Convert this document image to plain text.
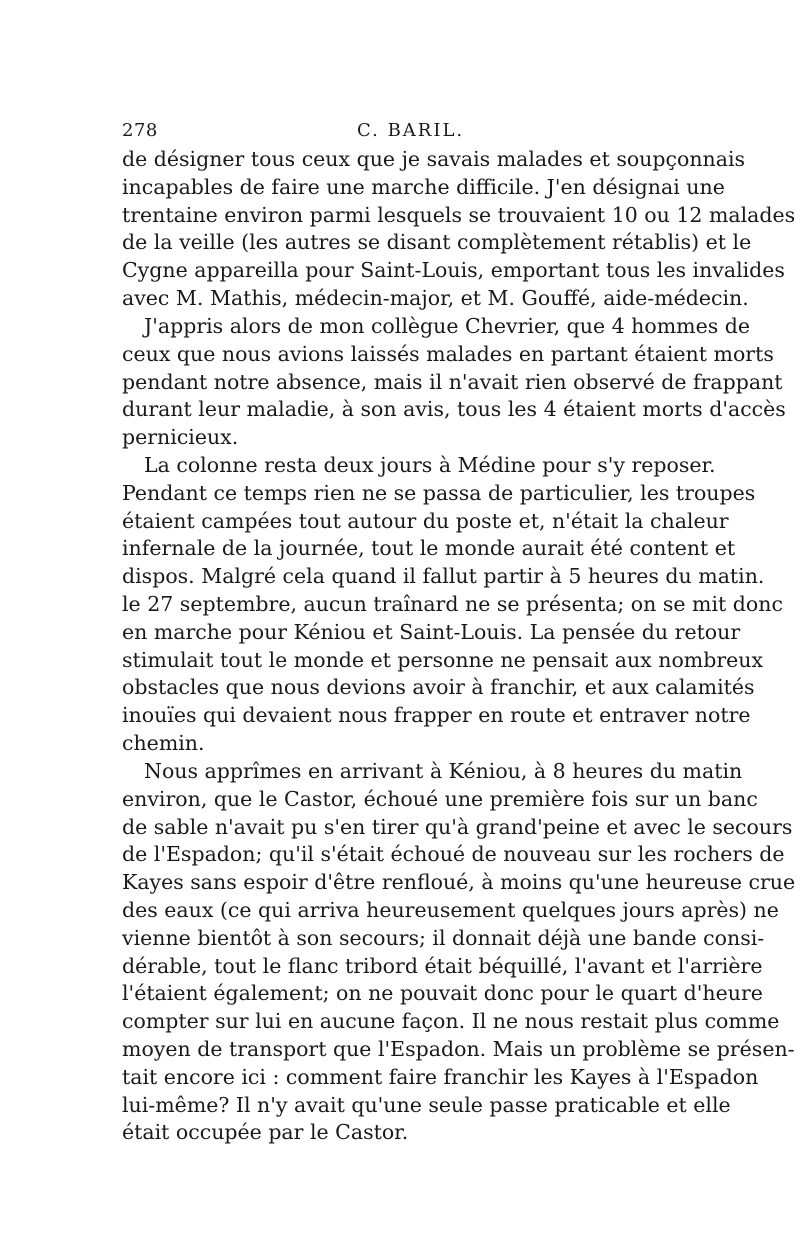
278	C. BARIL.
de désigner tous ceux que je savais malades et soupçonnais
incapables de faire une marche difficile. J'en désignai une
trentaine environ parmi lesquels se trouvaient 10 ou 12 malades
de la veille (les autres se disant complètement rétablis) et le
Cygne appareilla pour Saint-Louis, emportant tous les invalides
avec M. Mathis, médecin-major, et M. Gouffé, aide-médecin.
J'appris alors de mon collègue Chevrier, que 4 hommes de
ceux que nous avions laissés malades en partant étaient morts
pendant notre absence, mais il n'avait rien observé de frappant
durant leur maladie, à son avis, tous les 4 étaient morts d'accès
pernicieux.
La colonne resta deux jours à Médine pour s'y reposer.
Pendant ce temps rien ne se passa de particulier, les troupes
étaient campées tout autour du poste et, n'était la chaleur
infernale de la journée, tout le monde aurait été content et
dispos. Malgré cela quand il fallut partir à 5 heures du matin.
le 27 septembre, aucun traînard ne se présenta; on se mit donc
en marche pour Kéniou et Saint-Louis. La pensée du retour
stimulait tout le monde et personne ne pensait aux nombreux
obstacles que nous devions avoir à franchir, et aux calamités
inouïes qui devaient nous frapper en route et entraver notre
chemin.
Nous apprîmes en arrivant à Kéniou, à 8 heures du matin
environ, que le Castor, échoué une première fois sur un banc
de sable n'avait pu s'en tirer qu'à grand'peine et avec le secours
de l'Espadon; qu'il s'était échoué de nouveau sur les rochers de
Kayes sans espoir d'être renfloué, à moins qu'une heureuse crue
des eaux (ce qui arriva heureusement quelques jours après) ne
vienne bientôt à son secours; il donnait déjà une bande consi-
dérable, tout le flanc tribord était béquillé, l'avant et l'arrière
l'étaient également; on ne pouvait donc pour le quart d'heure
compter sur lui en aucune façon. Il ne nous restait plus comme
moyen de transport que l'Espadon. Mais un problème se présen-
tait encore ici : comment faire franchir les Kayes à l'Espadon
lui-même? Il n'y avait qu'une seule passe praticable et elle
était occupée par le Castor.
